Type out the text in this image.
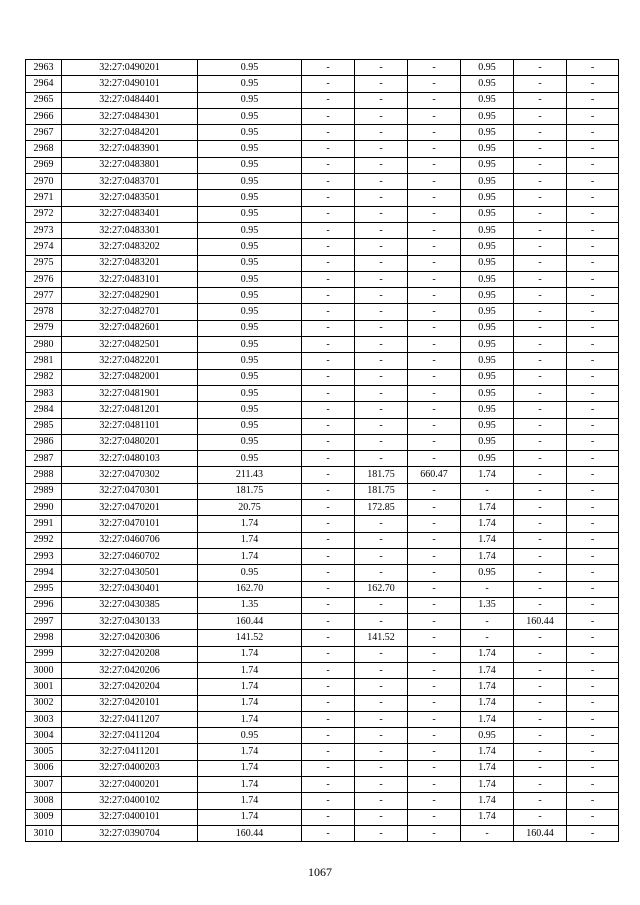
2963	32:27:0490201	0.95	-	-	-	0.95	-	-
2964	32:27:0490101	0.95	-	-	-	0.95	-	-
2965	32:27:0484401	0.95	-	-	-	0.95	-	-
2966	32:27:0484301	0.95	-	-	-	0.95	-	-
2967	32:27:0484201	0.95	-	-	-	0.95	-	-
2968	32:27:0483901	0.95	-	-	-	0.95	-	-
2969	32:27:0483801	0.95	-	-	-	0.95	-	-
2970	32:27:0483701	0.95	-	-	-	0.95	-	-
2971	32:27:0483501	0.95	-	-	-	0.95	-	-
2972	32:27:0483401	0.95	-	-	-	0.95	-	-
2973	32:27:0483301	0.95	-	-	-	0.95	-	-
2974	32:27:0483202	0.95	-	-	-	0.95	-	-
2975	32:27:0483201	0.95	-	-	-	0.95	-	-
2976	32:27:0483101	0.95	-	-	-	0.95	-	-
2977	32:27:0482901	0.95	-	-	-	0.95	-	-
2978	32:27:0482701	0.95	-	-	-	0.95	-	-
2979	32:27:0482601	0.95	-	-	-	0.95	-	-
2980	32:27:0482501	0.95	-	-	-	0.95	-	-
2981	32:27:0482201	0.95	-	-	-	0.95	-	-
2982	32:27:0482001	0.95	-	-	-	0.95	-	-
2983	32:27:0481901	0.95	-	-	-	0.95	-	-
2984	32:27:0481201	0.95	-	-	-	0.95	-	-
2985	32:27:0481101	0.95	-	-	-	0.95	-	-
2986	32:27:0480201	0.95	-	-	-	0.95	-	-
2987	32:27:0480103	0.95	-	-	-	0.95	-	-
2988	32:27:0470302	211.43	-	181.75	660.47	1.74	-	-
2989	32:27:0470301	181.75	-	181.75	-	-	-	-
2990	32:27:0470201	20.75	-	172.85	-	1.74	-	-
2991	32:27:0470101	1.74	-	-	-	1.74	-	-
2992	32:27:0460706	1.74	-	-	-	1.74	-	-
2993	32:27:0460702	1.74	-	-	-	1.74	-	-
2994	32:27:0430501	0.95	-	-	-	0.95	-	-
2995	32:27:0430401	162.70	-	162.70	-	-	-	-
2996	32:27:0430385	1.35	-	-	-	1.35	-	-
2997	32:27:0430133	160.44	-	-	-	-	160.44	-
2998	32:27:0420306	141.52	-	141.52	-	-	-	-
2999	32:27:0420208	1.74	-	-	-	1.74	-	-
3000	32:27:0420206	1.74	-	-	-	1.74	-	-
3001	32:27:0420204	1.74	-	-	-	1.74	-	-
3002	32:27:0420101	1.74	-	-	-	1.74	-	-
3003	32:27:0411207	1.74	-	-	-	1.74	-	-
3004	32:27:0411204	0.95	-	-	-	0.95	-	-
3005	32:27:0411201	1.74	-	-	-	1.74	-	-
3006	32:27:0400203	1.74	-	-	-	1.74	-	-
3007	32:27:0400201	1.74	-	-	-	1.74	-	-
3008	32:27:0400102	1.74	-	-	-	1.74	-	-
3009	32:27:0400101	1.74	-	-	-	1.74	-	-
3010	32:27:0390704	160.44	-	-	-	-	160.44	-
1067
